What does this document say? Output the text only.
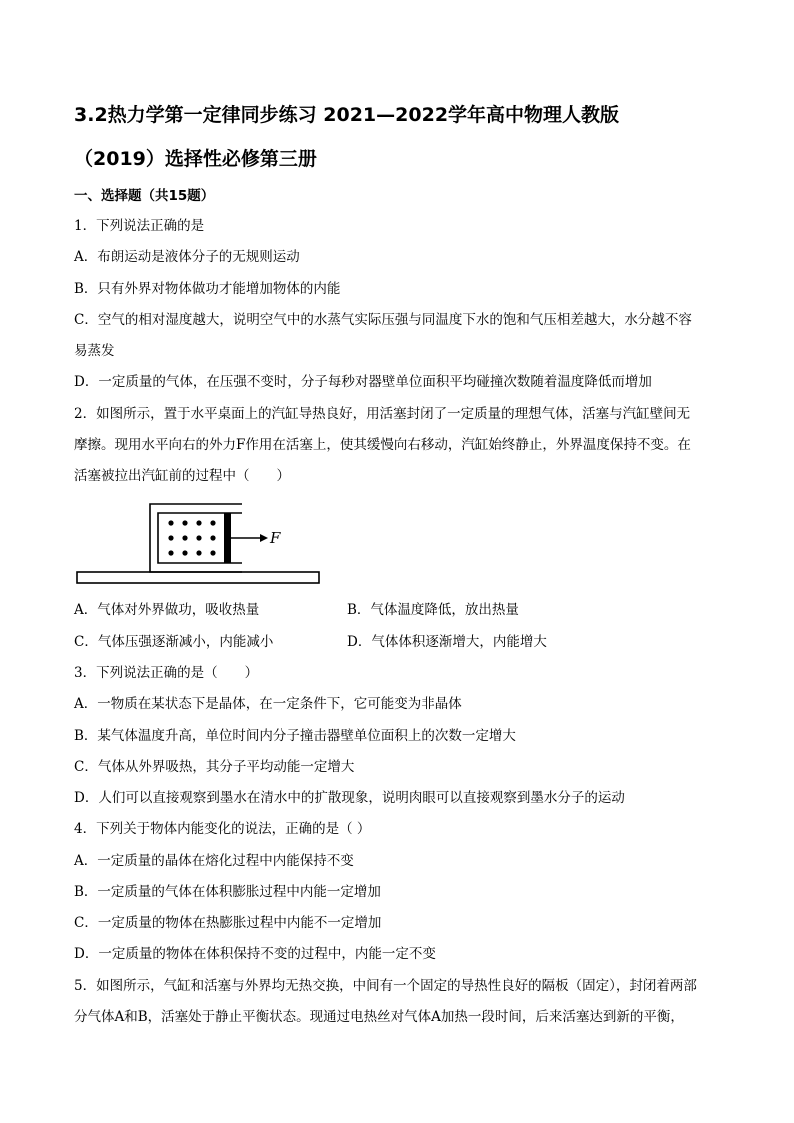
3.2热力学第一定律同步练习 2021—2022学年高中物理人教版
（2019）选择性必修第三册
一、选择题（共15题）
1．下列说法正确的是
A．布朗运动是液体分子的无规则运动
B．只有外界对物体做功才能增加物体的内能
C．空气的相对湿度越大，说明空气中的水蒸气实际压强与同温度下水的饱和气压相差越大，水分越不容
易蒸发
D．一定质量的气体，在压强不变时，分子每秒对器壁单位面积平均碰撞次数随着温度降低而增加
2．如图所示，置于水平桌面上的汽缸导热良好，用活塞封闭了一定质量的理想气体，活塞与汽缸壁间无
摩擦。现用水平向右的外力F作用在活塞上，使其缓慢向右移动，汽缸始终静止，外界温度保持不变。在
活塞被拉出汽缸前的过程中（　　）
F
A．气体对外界做功，吸收热量	B．气体温度降低，放出热量
C．气体压强逐渐减小，内能减小	D．气体体积逐渐增大，内能增大
3．下列说法正确的是（　　）
A．一物质在某状态下是晶体，在一定条件下，它可能变为非晶体
B．某气体温度升高，单位时间内分子撞击器壁单位面积上的次数一定增大
C．气体从外界吸热，其分子平均动能一定增大
D．人们可以直接观察到墨水在清水中的扩散现象，说明肉眼可以直接观察到墨水分子的运动
4．下列关于物体内能变化的说法，正确的是（ ）
A．一定质量的晶体在熔化过程中内能保持不变
B．一定质量的气体在体积膨胀过程中内能一定增加
C．一定质量的物体在热膨胀过程中内能不一定增加
D．一定质量的物体在体积保持不变的过程中，内能一定不变
5．如图所示，气缸和活塞与外界均无热交换，中间有一个固定的导热性良好的隔板（固定），封闭着两部
分气体A和B，活塞处于静止平衡状态。现通过电热丝对气体A加热一段时间，后来活塞达到新的平衡，
